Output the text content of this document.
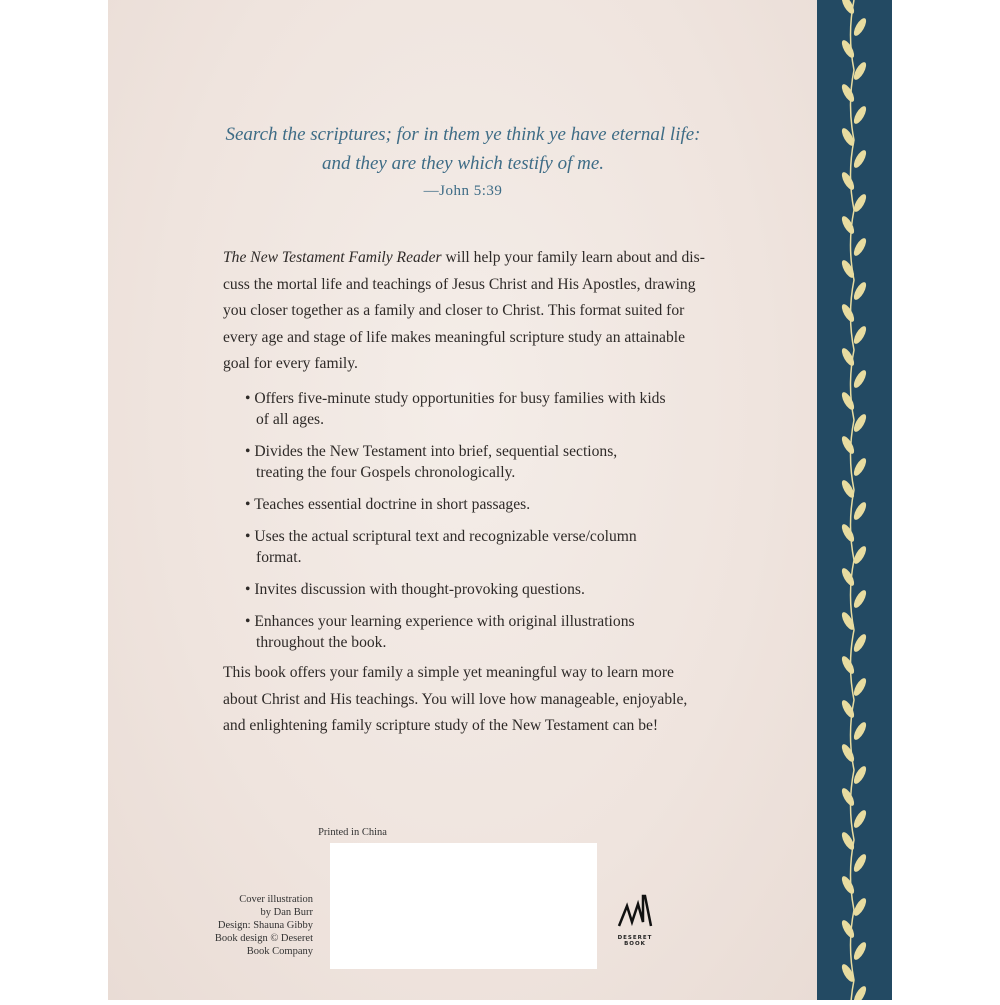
Search the scriptures; for in them ye think ye have eternal life:
and they are they which testify of me.
—John 5:39
The New Testament Family Reader will help your family learn about and dis-
Printed in China
DESERET
BOOK
cuss the mortal life and teachings of Jesus Christ and His Apostles, drawing
you closer together as a family and closer to Christ. This format suited for
every age and stage of life makes meaningful scripture study an attainable
goal for every family.
• Offers five-minute study opportunities for busy families with kids
of all ages.
• Divides the New Testament into brief, sequential sections,
treating the four Gospels chronologically.
• Teaches essential doctrine in short passages.
• Uses the actual scriptural text and recognizable verse/column
format.
• Invites discussion with thought-provoking questions.
• Enhances your learning experience with original illustrations
throughout the book.
This book offers your family a simple yet meaningful way to learn more
about Christ and His teachings. You will love how manageable, enjoyable,
and enlightening family scripture study of the New Testament can be!
Cover illustration
by Dan Burr
Design: Shauna Gibby
Book design © Deseret
Book Company
